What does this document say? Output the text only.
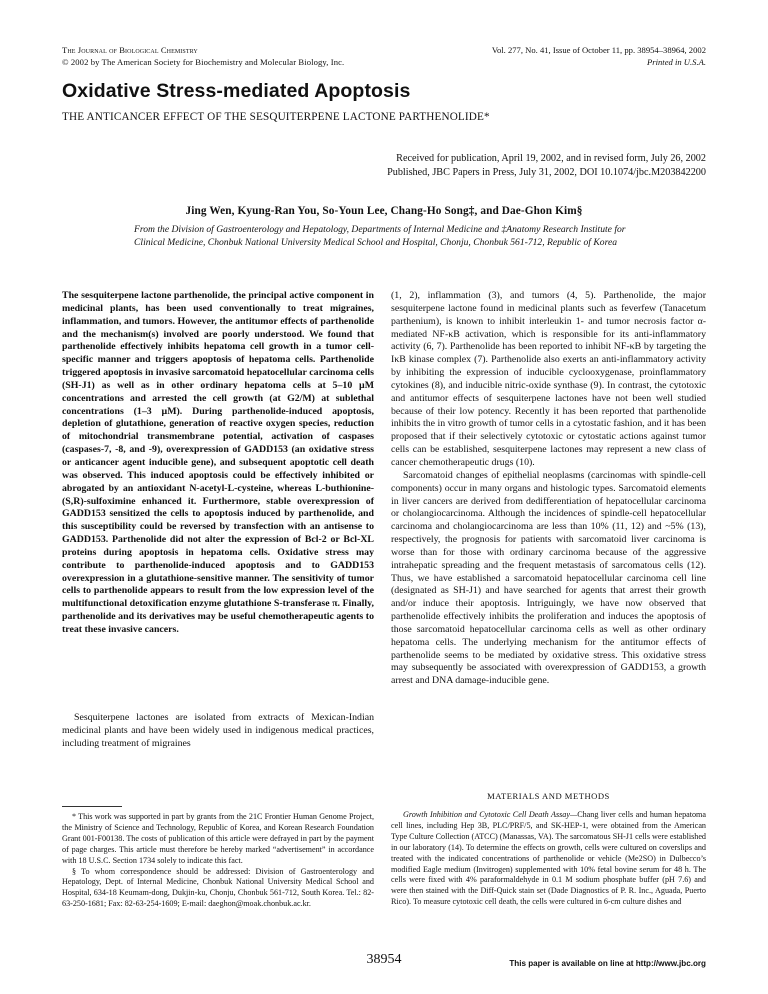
The Journal of Biological Chemistry
© 2002 by The American Society for Biochemistry and Molecular Biology, Inc.
Vol. 277, No. 41, Issue of October 11, pp. 38954–38964, 2002
Printed in U.S.A.
Oxidative Stress-mediated Apoptosis
THE ANTICANCER EFFECT OF THE SESQUITERPENE LACTONE PARTHENOLIDE*
Received for publication, April 19, 2002, and in revised form, July 26, 2002
Published, JBC Papers in Press, July 31, 2002, DOI 10.1074/jbc.M203842200
Jing Wen, Kyung-Ran You, So-Youn Lee, Chang-Ho Song‡, and Dae-Ghon Kim§
From the Division of Gastroenterology and Hepatology, Departments of Internal Medicine and ‡Anatomy Research Institute for Clinical Medicine, Chonbuk National University Medical School and Hospital, Chonju, Chonbuk 561-712, Republic of Korea
The sesquiterpene lactone parthenolide, the principal active component in medicinal plants, has been used conventionally to treat migraines, inflammation, and tumors. However, the antitumor effects of parthenolide and the mechanism(s) involved are poorly understood. We found that parthenolide effectively inhibits hepatoma cell growth in a tumor cell-specific manner and triggers apoptosis of hepatoma cells. Parthenolide triggered apoptosis in invasive sarcomatoid hepatocellular carcinoma cells (SH-J1) as well as in other ordinary hepatoma cells at 5–10 µM concentrations and arrested the cell growth (at G2/M) at sublethal concentrations (1–3 µM). During parthenolide-induced apoptosis, depletion of glutathione, generation of reactive oxygen species, reduction of mitochondrial transmembrane potential, activation of caspases (caspases-7, -8, and -9), overexpression of GADD153 (an oxidative stress or anticancer agent inducible gene), and subsequent apoptotic cell death was observed. This induced apoptosis could be effectively inhibited or abrogated by an antioxidant N-acetyl-L-cysteine, whereas L-buthionine-(S,R)-sulfoximine enhanced it. Furthermore, stable overexpression of GADD153 sensitized the cells to apoptosis induced by parthenolide, and this susceptibility could be reversed by transfection with an antisense to GADD153. Parthenolide did not alter the expression of Bcl-2 or Bcl-XL proteins during apoptosis in hepatoma cells. Oxidative stress may contribute to parthenolide-induced apoptosis and to GADD153 overexpression in a glutathione-sensitive manner. The sensitivity of tumor cells to parthenolide appears to result from the low expression level of the multifunctional detoxification enzyme glutathione S-transferase π. Finally, parthenolide and its derivatives may be useful chemotherapeutic agents to treat these invasive cancers.
Sesquiterpene lactones are isolated from extracts of Mexican-Indian medicinal plants and have been widely used in indigenous medical practices, including treatment of migraines

* This work was supported in part by grants from the 21C Frontier Human Genome Project, the Ministry of Science and Technology, Republic of Korea, and Korean Research Foundation Grant 001-F00138. The costs of publication of this article were defrayed in part by the payment of page charges. This article must therefore be hereby marked “advertisement” in accordance with 18 U.S.C. Section 1734 solely to indicate this fact.

§ To whom correspondence should be addressed: Division of Gastroenterology and Hepatology, Dept. of Internal Medicine, Chonbuk National University Medical School and Hospital, 634-18 Keumam-dong, Dukjin-ku, Chonju, Chonbuk 561-712, South Korea. Tel.: 82-63-250-1681; Fax: 82-63-254-1609; E-mail: daeghon@moak.chonbuk.ac.kr.

(1, 2), inflammation (3), and tumors (4, 5). Parthenolide, the major sesquiterpene lactone found in medicinal plants such as feverfew (Tanacetum parthenium), is known to inhibit interleukin 1- and tumor necrosis factor α-mediated NF-κB activation, which is responsible for its anti-inflammatory activity (6, 7). Parthenolide has been reported to inhibit NF-κB by targeting the IκB kinase complex (7). Parthenolide also exerts an anti-inflammatory activity by inhibiting the expression of inducible cyclooxygenase, proinflammatory cytokines (8), and inducible nitric-oxide synthase (9). In contrast, the cytotoxic and antitumor effects of sesquiterpene lactones have not been well studied because of their low potency. Recently it has been reported that parthenolide inhibits the in vitro growth of tumor cells in a cytostatic fashion, and it has been proposed that if their selectively cytotoxic or cytostatic actions against tumor cells can be established, sesquiterpene lactones may represent a new class of cancer chemotherapeutic drugs (10).

Sarcomatoid changes of epithelial neoplasms (carcinomas with spindle-cell components) occur in many organs and histologic types. Sarcomatoid elements in liver cancers are derived from dedifferentiation of hepatocellular carcinoma or cholangiocarcinoma. Although the incidences of spindle-cell hepatocellular carcinoma and cholangiocarcinoma are less than 10% (11, 12) and ~5% (13), respectively, the prognosis for patients with sarcomatoid liver carcinoma is worse than for those with ordinary carcinoma because of the aggressive intrahepatic spreading and the frequent metastasis of sarcomatous cells (12). Thus, we have established a sarcomatoid hepatocellular carcinoma cell line (designated as SH-J1) and have searched for agents that arrest their growth and/or induce their apoptosis. Intriguingly, we have now observed that parthenolide effectively inhibits the proliferation and induces the apoptosis of those sarcomatoid hepatocellular carcinoma cells as well as other ordinary hepatoma cells. The underlying mechanism for the antitumor effects of parthenolide seems to be mediated by oxidative stress. This oxidative stress may subsequently be associated with overexpression of GADD153, a growth arrest and DNA damage-inducible gene.

MATERIALS AND METHODS
Growth Inhibition and Cytotoxic Cell Death Assay—Chang liver cells and human hepatoma cell lines, including Hep 3B, PLC/PRF/5, and SK-HEP-1, were obtained from the American Type Culture Collection (ATCC) (Manassas, VA). The sarcomatous SH-J1 cells were established in our laboratory (14). To determine the effects on growth, cells were cultured on coverslips and treated with the indicated concentrations of parthenolide or vehicle (Me2SO) in Dulbecco’s modified Eagle medium (Invitrogen) supplemented with 10% fetal bovine serum for 48 h. The cells were fixed with 4% paraformaldehyde in 0.1 M sodium phosphate buffer (pH 7.6) and were then stained with the Diff-Quick stain set (Dade Diagnostics of P. R. Inc., Aguada, Puerto Rico). To measure cytotoxic cell death, the cells were cultured in 6-cm culture dishes and
38954	This paper is available on line at http://www.jbc.org
